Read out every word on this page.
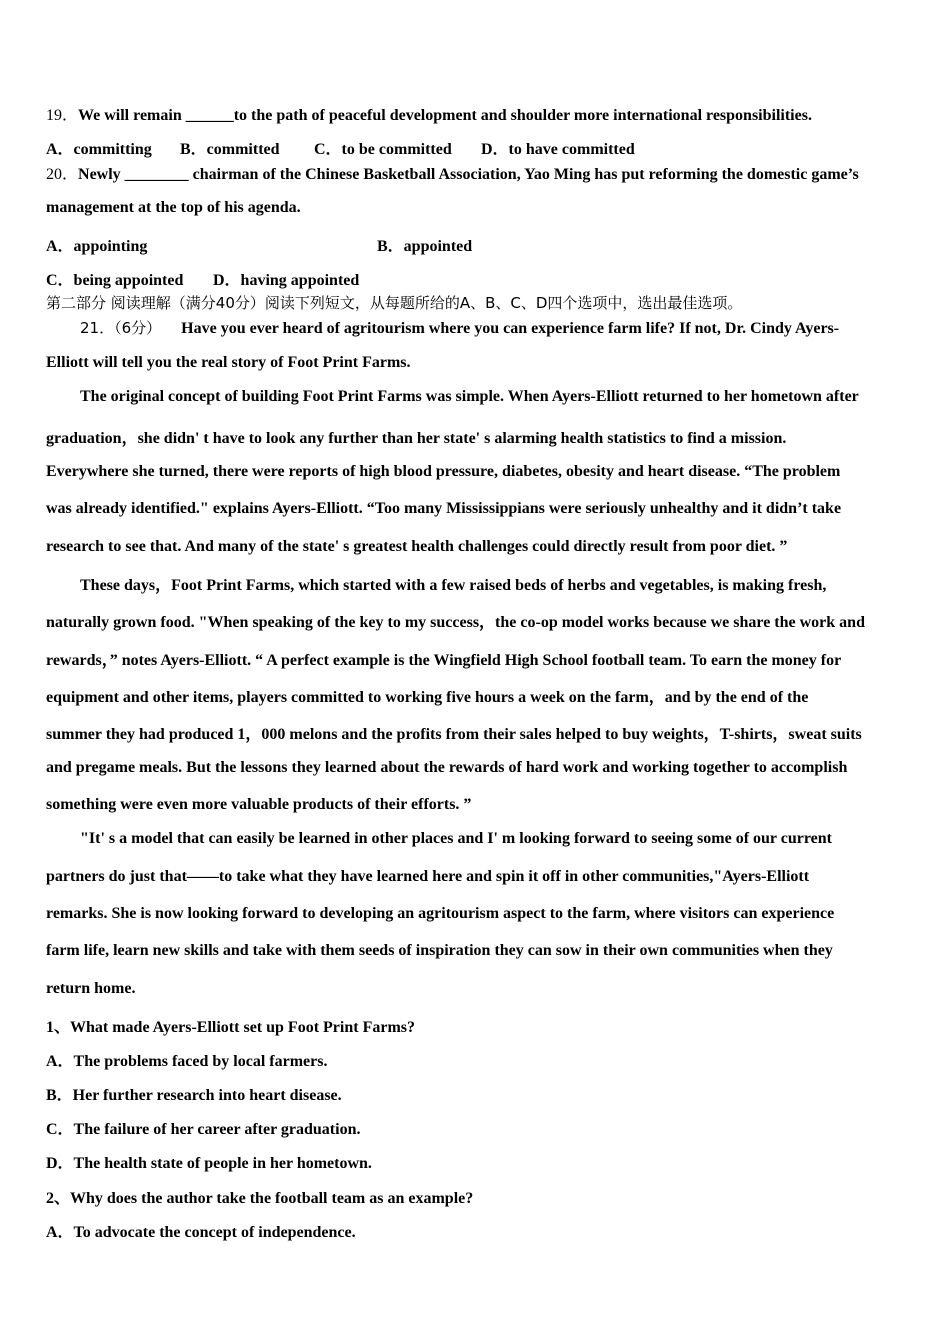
19．We will remain ______to the path of peaceful development and shoulder more international responsibilities.
A．committing B．committed C．to be committed D．to have committed
20．Newly ________ chairman of the Chinese Basketball Association, Yao Ming has put reforming the domestic game’s
management at the top of his agenda.
A．appointing	B．appointed
C．being appointed D．having appointed
第二部分 阅读理解（满分40分）阅读下列短文，从每题所给的A、B、C、D四个选项中，选出最佳选项。
21．（6分） Have you ever heard of agritourism where you can experience farm life? If not, Dr. Cindy Ayers-
Elliott will tell you the real story of Foot Print Farms.
The original concept of building Foot Print Farms was simple. When Ayers-Elliott returned to her hometown after
graduation，she didn' t have to look any further than her state' s alarming health statistics to find a mission.
Everywhere she turned, there were reports of high blood pressure, diabetes, obesity and heart disease. “The problem
was already identified." explains Ayers-Elliott. “Too many Mississippians were seriously unhealthy and it didn’t take
research to see that. And many of the state' s greatest health challenges could directly result from poor diet. ”
These days，Foot Print Farms, which started with a few raised beds of herbs and vegetables, is making fresh,
naturally grown food. "When speaking of the key to my success，the co-op model works because we share the work and
rewards，” notes Ayers-Elliott. “ A perfect example is the Wingfield High School football team. To earn the money for
equipment and other items, players committed to working five hours a week on the farm，and by the end of the
summer they had produced 1，000 melons and the profits from their sales helped to buy weights，T-shirts，sweat suits
and pregame meals. But the lessons they learned about the rewards of hard work and working together to accomplish
something were even more valuable products of their efforts. ”
"It' s a model that can easily be learned in other places and I' m looking forward to seeing some of our current
partners do just that——to take what they have learned here and spin it off in other communities,"Ayers-Elliott
remarks. She is now looking forward to developing an agritourism aspect to the farm, where visitors can experience
farm life, learn new skills and take with them seeds of inspiration they can sow in their own communities when they
return home.
1、What made Ayers-Elliott set up Foot Print Farms?
A．The problems faced by local farmers.
B．Her further research into heart disease.
C．The failure of her career after graduation.
D．The health state of people in her hometown.
2、Why does the author take the football team as an example?
A．To advocate the concept of independence.
